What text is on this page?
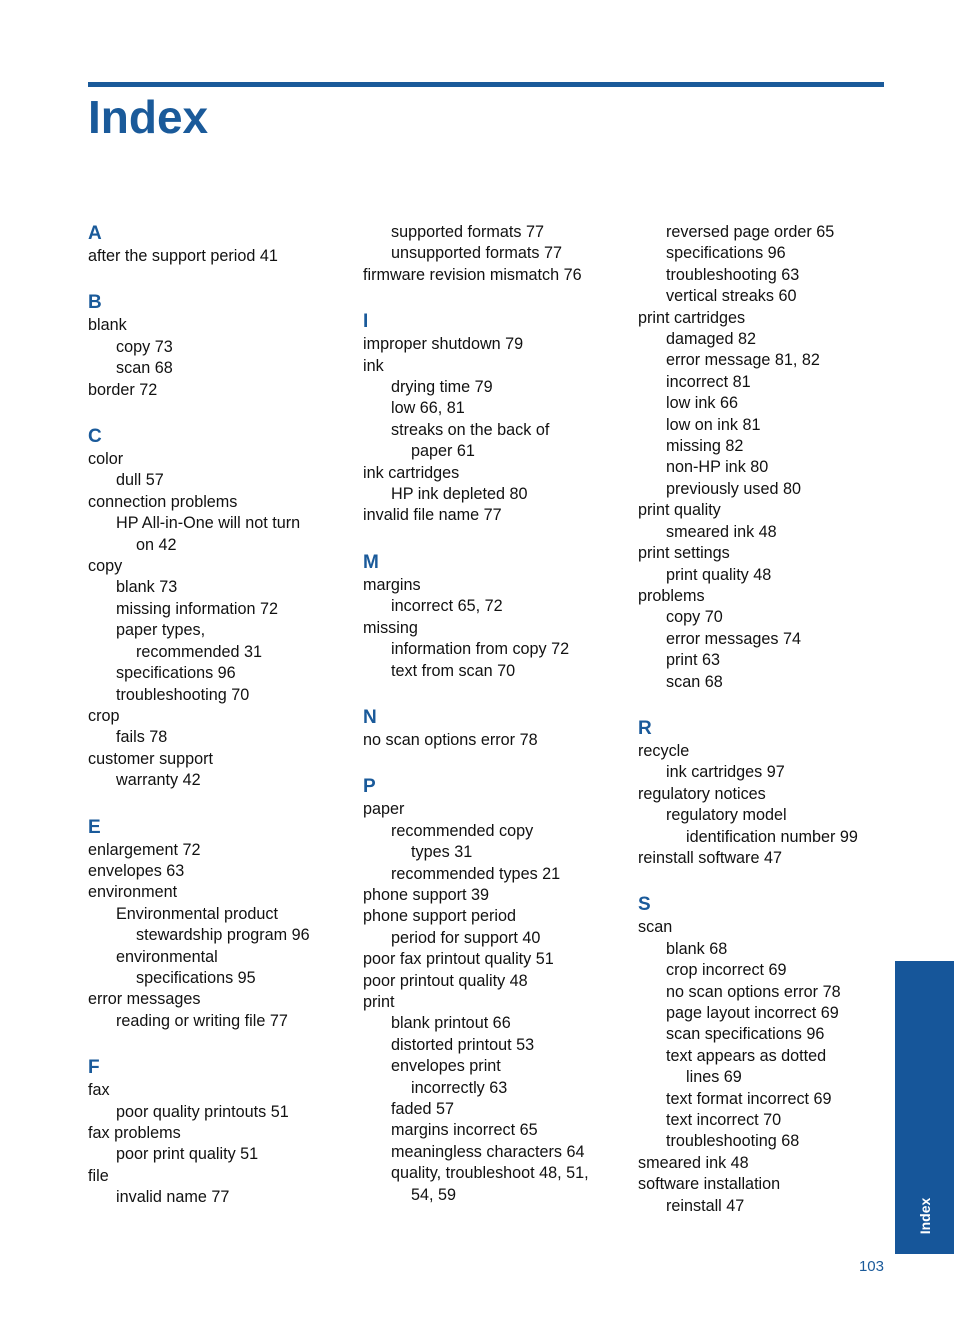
Index
A
after the support period 41
B
blank
copy 73
scan 68
border 72
C
color
dull 57
connection problems
HP All-in-One will not turn
on 42
copy
blank 73
missing information 72
paper types,
recommended 31
specifications 96
troubleshooting 70
crop
fails 78
customer support
warranty 42
E
enlargement 72
envelopes 63
environment
Environmental product
stewardship program 96
environmental
specifications 95
error messages
reading or writing file 77
F
fax
poor quality printouts 51
fax problems
poor print quality 51
file
invalid name 77
supported formats 77
unsupported formats 77
firmware revision mismatch 76
I
improper shutdown 79
ink
drying time 79
low 66, 81
streaks on the back of
paper 61
ink cartridges
HP ink depleted 80
invalid file name 77
M
margins
incorrect 65, 72
missing
information from copy 72
text from scan 70
N
no scan options error 78
P
paper
recommended copy
types 31
recommended types 21
phone support 39
phone support period
period for support 40
poor fax printout quality 51
poor printout quality 48
print
blank printout 66
distorted printout 53
envelopes print
incorrectly 63
faded 57
margins incorrect 65
meaningless characters 64
quality, troubleshoot 48, 51,
54, 59
reversed page order 65
specifications 96
troubleshooting 63
vertical streaks 60
print cartridges
damaged 82
error message 81, 82
incorrect 81
low ink 66
low on ink 81
missing 82
non-HP ink 80
previously used 80
print quality
smeared ink 48
print settings
print quality 48
problems
copy 70
error messages 74
print 63
scan 68
R
recycle
ink cartridges 97
regulatory notices
regulatory model
identification number 99
reinstall software 47
S
scan
blank 68
crop incorrect 69
no scan options error 78
page layout incorrect 69
scan specifications 96
text appears as dotted
lines 69
text format incorrect 69
text incorrect 70
troubleshooting 68
smeared ink 48
software installation
reinstall 47	Index
103
